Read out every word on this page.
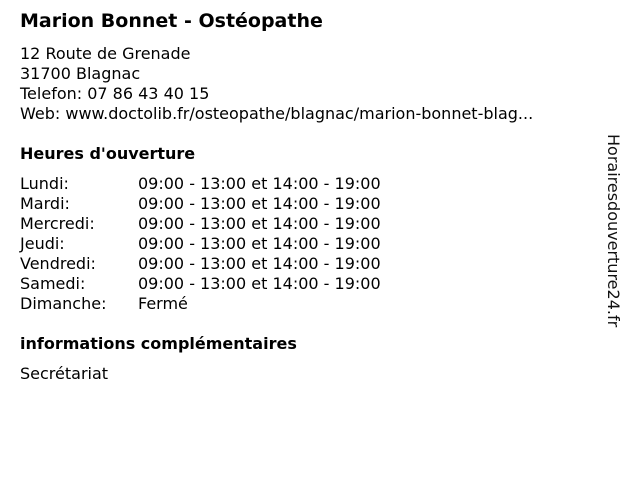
Marion Bonnet - Ostéopathe
12 Route de Grenade
31700 Blagnac
Telefon: 07 86 43 40 15
Web: www.doctolib.fr/osteopathe/blagnac/marion-bonnet-blag...
Heures d'ouverture
Lundi:	09:00 - 13:00 et 14:00 - 19:00
Mardi:	09:00 - 13:00 et 14:00 - 19:00
Mercredi:	09:00 - 13:00 et 14:00 - 19:00
Jeudi:	09:00 - 13:00 et 14:00 - 19:00
Vendredi:	09:00 - 13:00 et 14:00 - 19:00
Samedi:	09:00 - 13:00 et 14:00 - 19:00
Dimanche:	Fermé
informations complémentaires
Secrétariat
Horairesdouverture24.fr
